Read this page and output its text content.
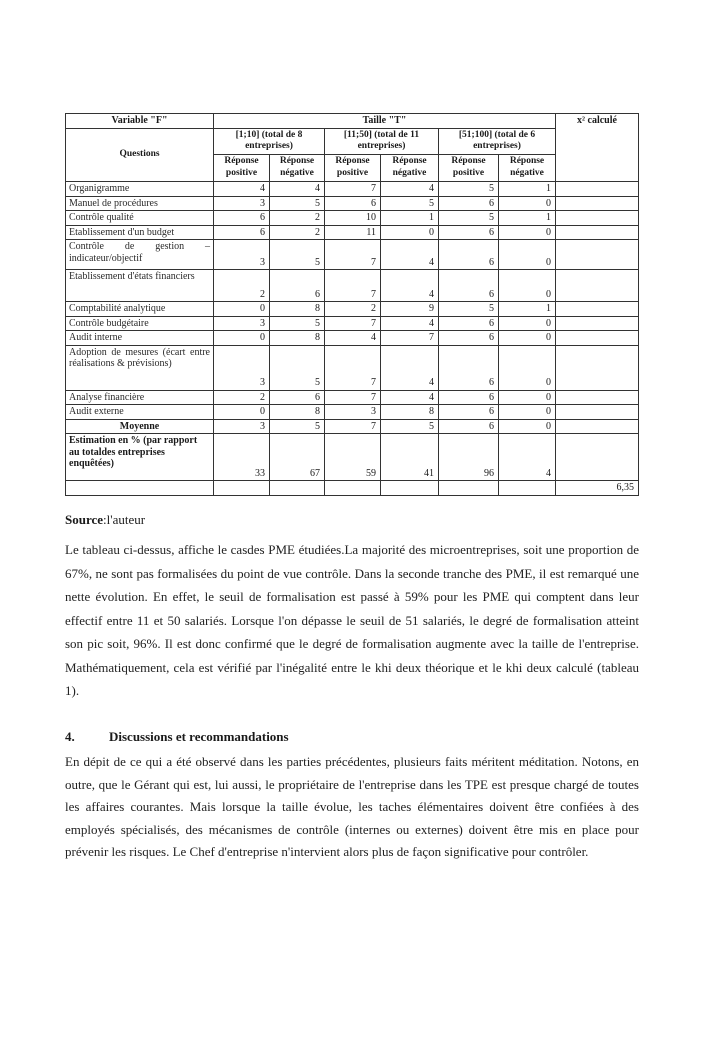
Variable "F"	Taille "T"						x² calculé
Questions	[1;10] (total de 8 entreprises)		[11;50] (total de 11 entreprises)		[51;100] (total de 6 entreprises)		
	Réponse positive	Réponse négative	Réponse positive	Réponse négative	Réponse positive	Réponse négative	
Organigramme	4	4	7	4	5	1	
Manuel de procédures	3	5	6	5	6	0	
Contrôle qualité	6	2	10	1	5	1	
Etablissement d'un budget	6	2	11	0	6	0	
Contrôle de gestion – indicateur/objectif	3	5	7	4	6	0	
Etablissement d'états financiers	2	6	7	4	6	0	
Comptabilité analytique	0	8	2	9	5	1	
Contrôle budgétaire	3	5	7	4	6	0	
Audit interne	0	8	4	7	6	0	
Adoption de mesures (écart entre réalisations & prévisions)	3	5	7	4	6	0	
Analyse financière	2	6	7	4	6	0	
Audit externe	0	8	3	8	6	0	
Moyenne	3	5	7	5	6	0	
Estimation en % (par rapport au totaldes entreprises enquêtées)	33	67	59	41	96	4	
							6,35
Source:l'auteur

Le tableau ci-dessus, affiche le casdes PME étudiées.La majorité des microentreprises, soit une proportion de 67%, ne sont pas formalisées du point de vue contrôle. Dans la seconde tranche des PME, il est remarqué une nette évolution. En effet, le seuil de formalisation est passé à 59% pour les PME qui comptent dans leur effectif entre 11 et 50 salariés. Lorsque l'on dépasse le seuil de 51 salariés, le degré de formalisation atteint son pic soit, 96%. Il est donc confirmé que le degré de formalisation augmente avec la taille de l'entreprise. Mathématiquement, cela est vérifié par l'inégalité entre le khi deux théorique et le khi deux calculé (tableau 1).

4.	Discussions et recommandations

En dépit de ce qui a été observé dans les parties précédentes, plusieurs faits méritent méditation. Notons, en outre, que le Gérant qui est, lui aussi, le propriétaire de l'entreprise dans les TPE est presque chargé de toutes les affaires courantes. Mais lorsque la taille évolue, les taches élémentaires doivent être confiées à des employés spécialisés, des mécanismes de contrôle (internes ou externes) doivent être mis en place pour prévenir les risques. Le Chef d'entreprise n'intervient alors plus de façon significative pour contrôler.
